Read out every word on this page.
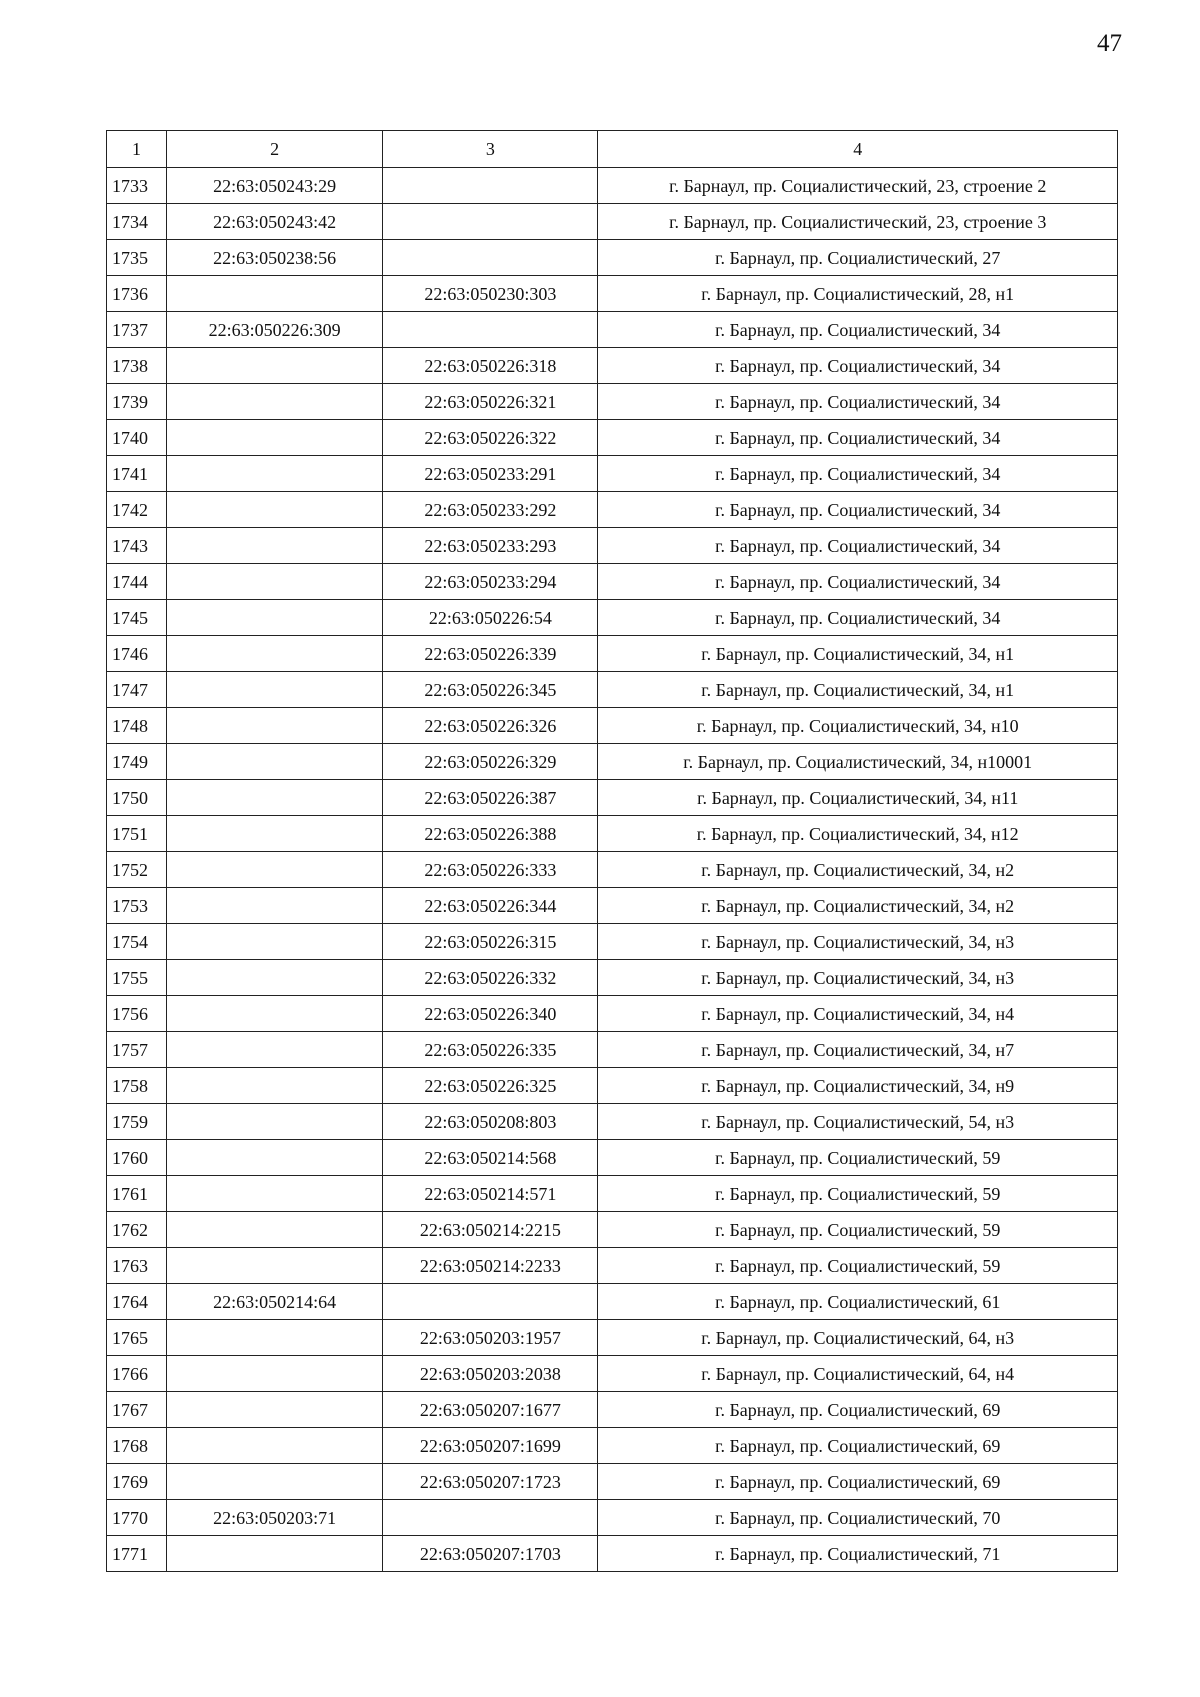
47
1	2	3	4
1733	22:63:050243:29		г. Барнаул, пр. Социалистический, 23, строение 2
1734	22:63:050243:42		г. Барнаул, пр. Социалистический, 23, строение 3
1735	22:63:050238:56		г. Барнаул, пр. Социалистический, 27
1736		22:63:050230:303	г. Барнаул, пр. Социалистический, 28, н1
1737	22:63:050226:309		г. Барнаул, пр. Социалистический, 34
1738		22:63:050226:318	г. Барнаул, пр. Социалистический, 34
1739		22:63:050226:321	г. Барнаул, пр. Социалистический, 34
1740		22:63:050226:322	г. Барнаул, пр. Социалистический, 34
1741		22:63:050233:291	г. Барнаул, пр. Социалистический, 34
1742		22:63:050233:292	г. Барнаул, пр. Социалистический, 34
1743		22:63:050233:293	г. Барнаул, пр. Социалистический, 34
1744		22:63:050233:294	г. Барнаул, пр. Социалистический, 34
1745		22:63:050226:54	г. Барнаул, пр. Социалистический, 34
1746		22:63:050226:339	г. Барнаул, пр. Социалистический, 34, н1
1747		22:63:050226:345	г. Барнаул, пр. Социалистический, 34, н1
1748		22:63:050226:326	г. Барнаул, пр. Социалистический, 34, н10
1749		22:63:050226:329	г. Барнаул, пр. Социалистический, 34, н10001
1750		22:63:050226:387	г. Барнаул, пр. Социалистический, 34, н11
1751		22:63:050226:388	г. Барнаул, пр. Социалистический, 34, н12
1752		22:63:050226:333	г. Барнаул, пр. Социалистический, 34, н2
1753		22:63:050226:344	г. Барнаул, пр. Социалистический, 34, н2
1754		22:63:050226:315	г. Барнаул, пр. Социалистический, 34, н3
1755		22:63:050226:332	г. Барнаул, пр. Социалистический, 34, н3
1756		22:63:050226:340	г. Барнаул, пр. Социалистический, 34, н4
1757		22:63:050226:335	г. Барнаул, пр. Социалистический, 34, н7
1758		22:63:050226:325	г. Барнаул, пр. Социалистический, 34, н9
1759		22:63:050208:803	г. Барнаул, пр. Социалистический, 54, н3
1760		22:63:050214:568	г. Барнаул, пр. Социалистический, 59
1761		22:63:050214:571	г. Барнаул, пр. Социалистический, 59
1762		22:63:050214:2215	г. Барнаул, пр. Социалистический, 59
1763		22:63:050214:2233	г. Барнаул, пр. Социалистический, 59
1764	22:63:050214:64		г. Барнаул, пр. Социалистический, 61
1765		22:63:050203:1957	г. Барнаул, пр. Социалистический, 64, н3
1766		22:63:050203:2038	г. Барнаул, пр. Социалистический, 64, н4
1767		22:63:050207:1677	г. Барнаул, пр. Социалистический, 69
1768		22:63:050207:1699	г. Барнаул, пр. Социалистический, 69
1769		22:63:050207:1723	г. Барнаул, пр. Социалистический, 69
1770	22:63:050203:71		г. Барнаул, пр. Социалистический, 70
1771		22:63:050207:1703	г. Барнаул, пр. Социалистический, 71
